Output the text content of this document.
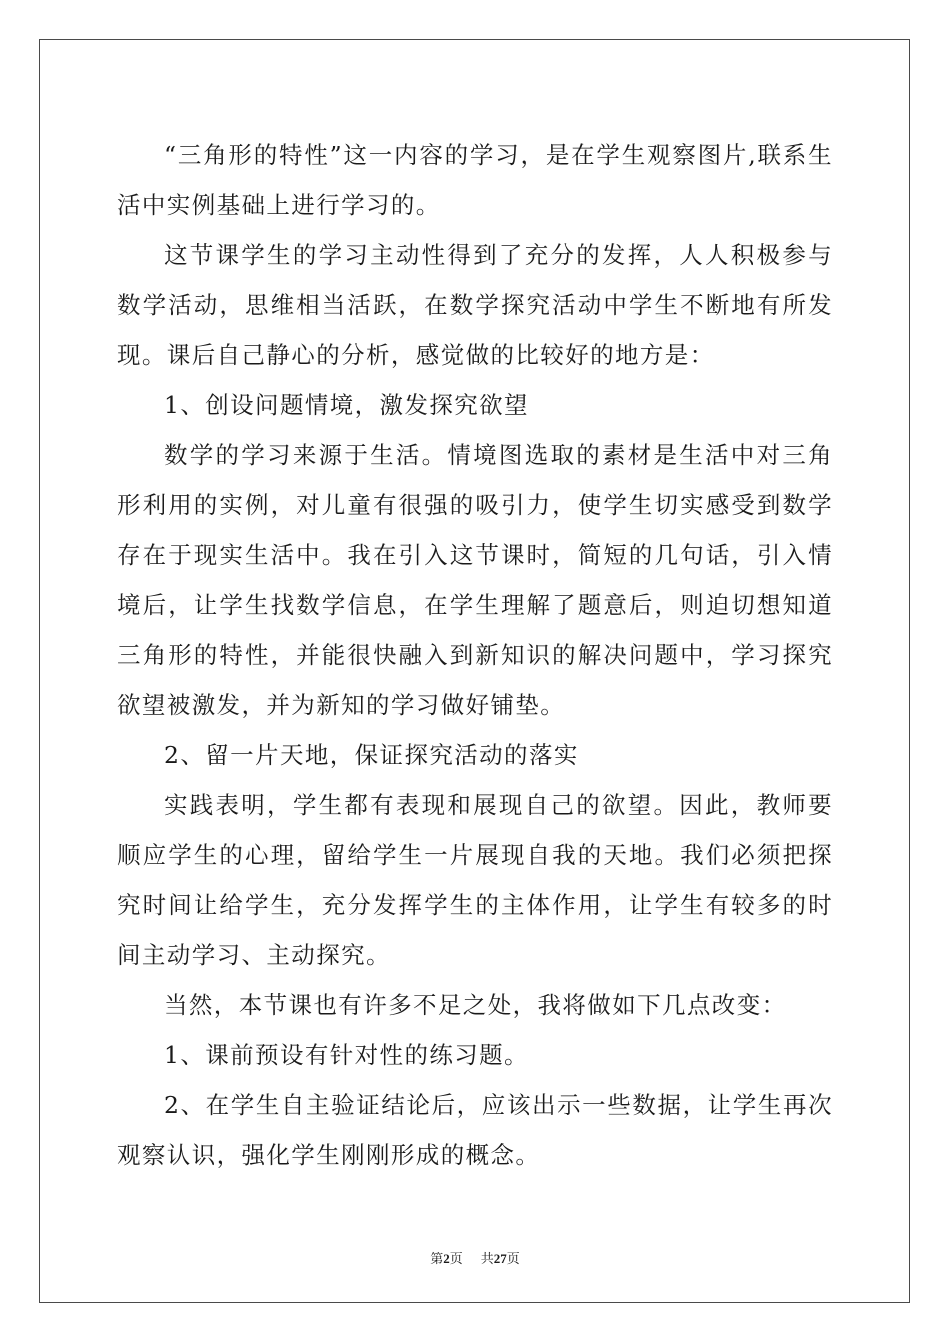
“三角形的特性”这一内容的学习，是在学生观察图片,联系生活中实例基础上进行学习的。

这节课学生的学习主动性得到了充分的发挥，人人积极参与数学活动，思维相当活跃，在数学探究活动中学生不断地有所发现。课后自己静心的分析，感觉做的比较好的地方是：

1、创设问题情境，激发探究欲望

数学的学习来源于生活。情境图选取的素材是生活中对三角形利用的实例，对儿童有很强的吸引力，使学生切实感受到数学存在于现实生活中。我在引入这节课时，简短的几句话，引入情境后，让学生找数学信息，在学生理解了题意后，则迫切想知道三角形的特性，并能很快融入到新知识的解决问题中，学习探究欲望被激发，并为新知的学习做好铺垫。

2、留一片天地，保证探究活动的落实

实践表明，学生都有表现和展现自己的欲望。因此，教师要顺应学生的心理，留给学生一片展现自我的天地。我们必须把探究时间让给学生，充分发挥学生的主体作用，让学生有较多的时间主动学习、主动探究。

当然，本节课也有许多不足之处，我将做如下几点改变：

1、课前预设有针对性的练习题。

2、在学生自主验证结论后，应该出示一些数据，让学生再次观察认识，强化学生刚刚形成的概念。

第2页 共27页
